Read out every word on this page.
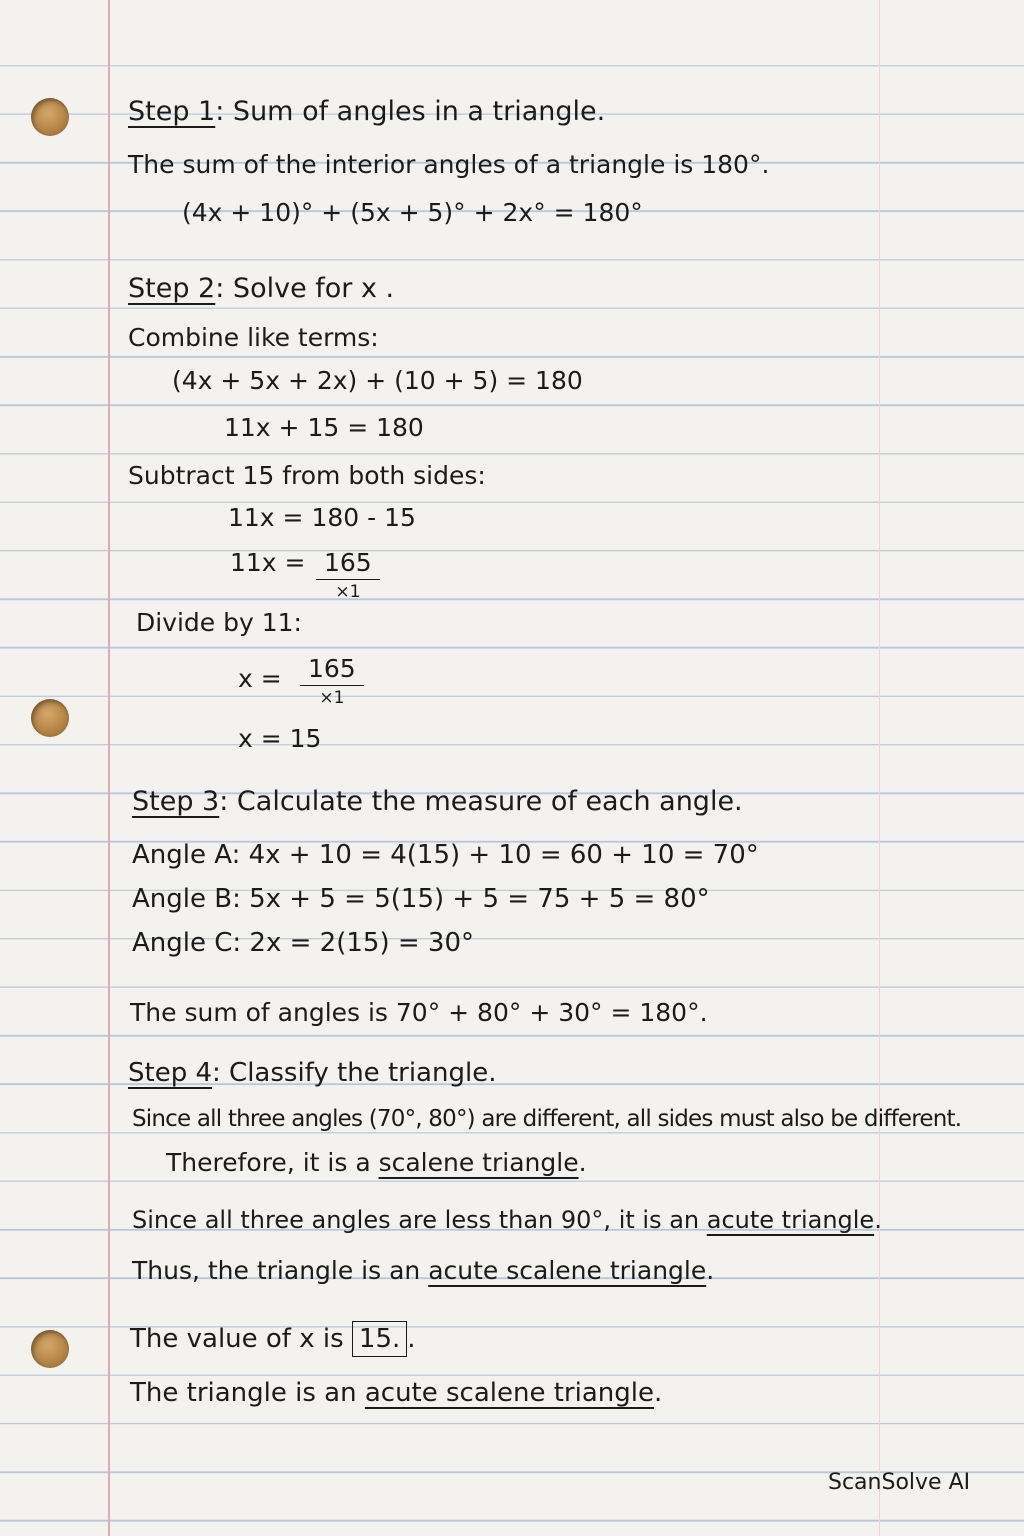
Step 1: Sum of angles in a triangle.
The sum of the interior angles of a triangle is 180°.
(4x + 10)° + (5x + 5)° + 2x° = 180°
Step 2: Solve for x .
Combine like terms:
(4x + 5x + 2x) + (10 + 5) = 180
11x + 15 = 180
Subtract 15 from both sides:
11x = 180 - 15
11x = 165
×1
Divide by 11:
x =	165
×1
x = 15
Step 3: Calculate the measure of each angle.
Angle A: 4x + 10 = 4(15) + 10 = 60 + 10 = 70°
Angle B: 5x + 5 = 5(15) + 5 = 75 + 5 = 80°
Angle C: 2x = 2(15) = 30°
The sum of angles is 70° + 80° + 30° = 180°.
Step 4: Classify the triangle.
Since all three angles (70°, 80°) are different, all sides must also be different.
Therefore, it is a scalene triangle.
Since all three angles are less than 90°, it is an acute triangle.
Thus, the triangle is an acute scalene triangle.
The value of x is 15. .
The triangle is an acute scalene triangle.
ScanSolve AI
